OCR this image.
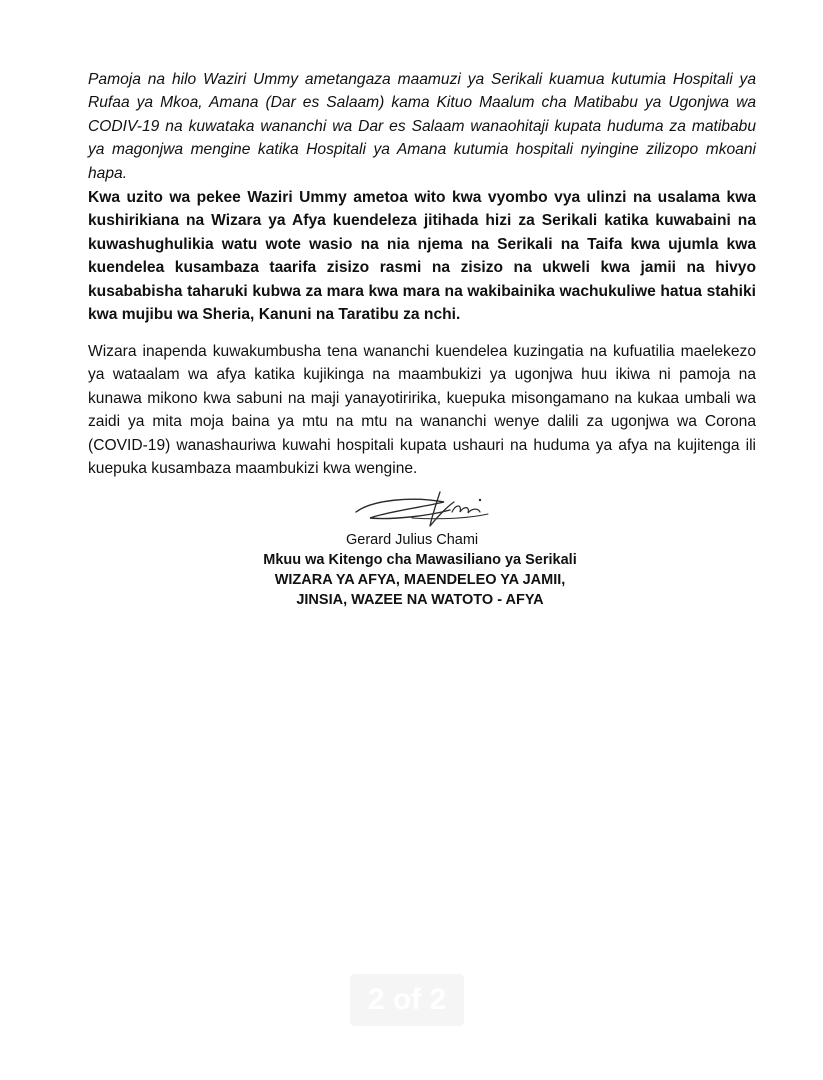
Pamoja na hilo Waziri Ummy ametangaza maamuzi ya Serikali kuamua kutumia Hospitali ya Rufaa ya Mkoa, Amana (Dar es Salaam) kama Kituo Maalum cha Matibabu ya Ugonjwa wa CODIV-19 na kuwataka wananchi wa Dar es Salaam wanaohitaji kupata huduma za matibabu ya magonjwa mengine katika Hospitali ya Amana kutumia hospitali nyingine zilizopo mkoani hapa.

Kwa uzito wa pekee Waziri Ummy ametoa wito kwa vyombo vya ulinzi na usalama kwa kushirikiana na Wizara ya Afya kuendeleza jitihada hizi za Serikali katika kuwabaini na kuwashughulikia watu wote wasio na nia njema na Serikali na Taifa kwa ujumla kwa kuendelea kusambaza taarifa zisizo rasmi na zisizo na ukweli kwa jamii na hivyo kusababisha taharuki kubwa za mara kwa mara na wakibainika wachukuliwe hatua stahiki kwa mujibu wa Sheria, Kanuni na Taratibu za nchi.

Wizara inapenda kuwakumbusha tena wananchi kuendelea kuzingatia na kufuatilia maelekezo ya wataalam wa afya katika kujikinga na maambukizi ya ugonjwa huu ikiwa ni pamoja na kunawa mikono kwa sabuni na maji yanayotiririka, kuepuka misongamano na kukaa umbali wa zaidi ya mita moja baina ya mtu na mtu na wananchi wenye dalili za ugonjwa wa Corona (COVID-19) wanashauriwa kuwahi hospitali kupata ushauri na huduma ya afya na kujitenga ili kuepuka kusambaza maambukizi kwa wengine.

Gerard Julius Chami
Mkuu wa Kitengo cha Mawasiliano ya Serikali
WIZARA YA AFYA, MAENDELEO YA JAMII,
JINSIA, WAZEE NA WATOTO - AFYA
2 of 2
